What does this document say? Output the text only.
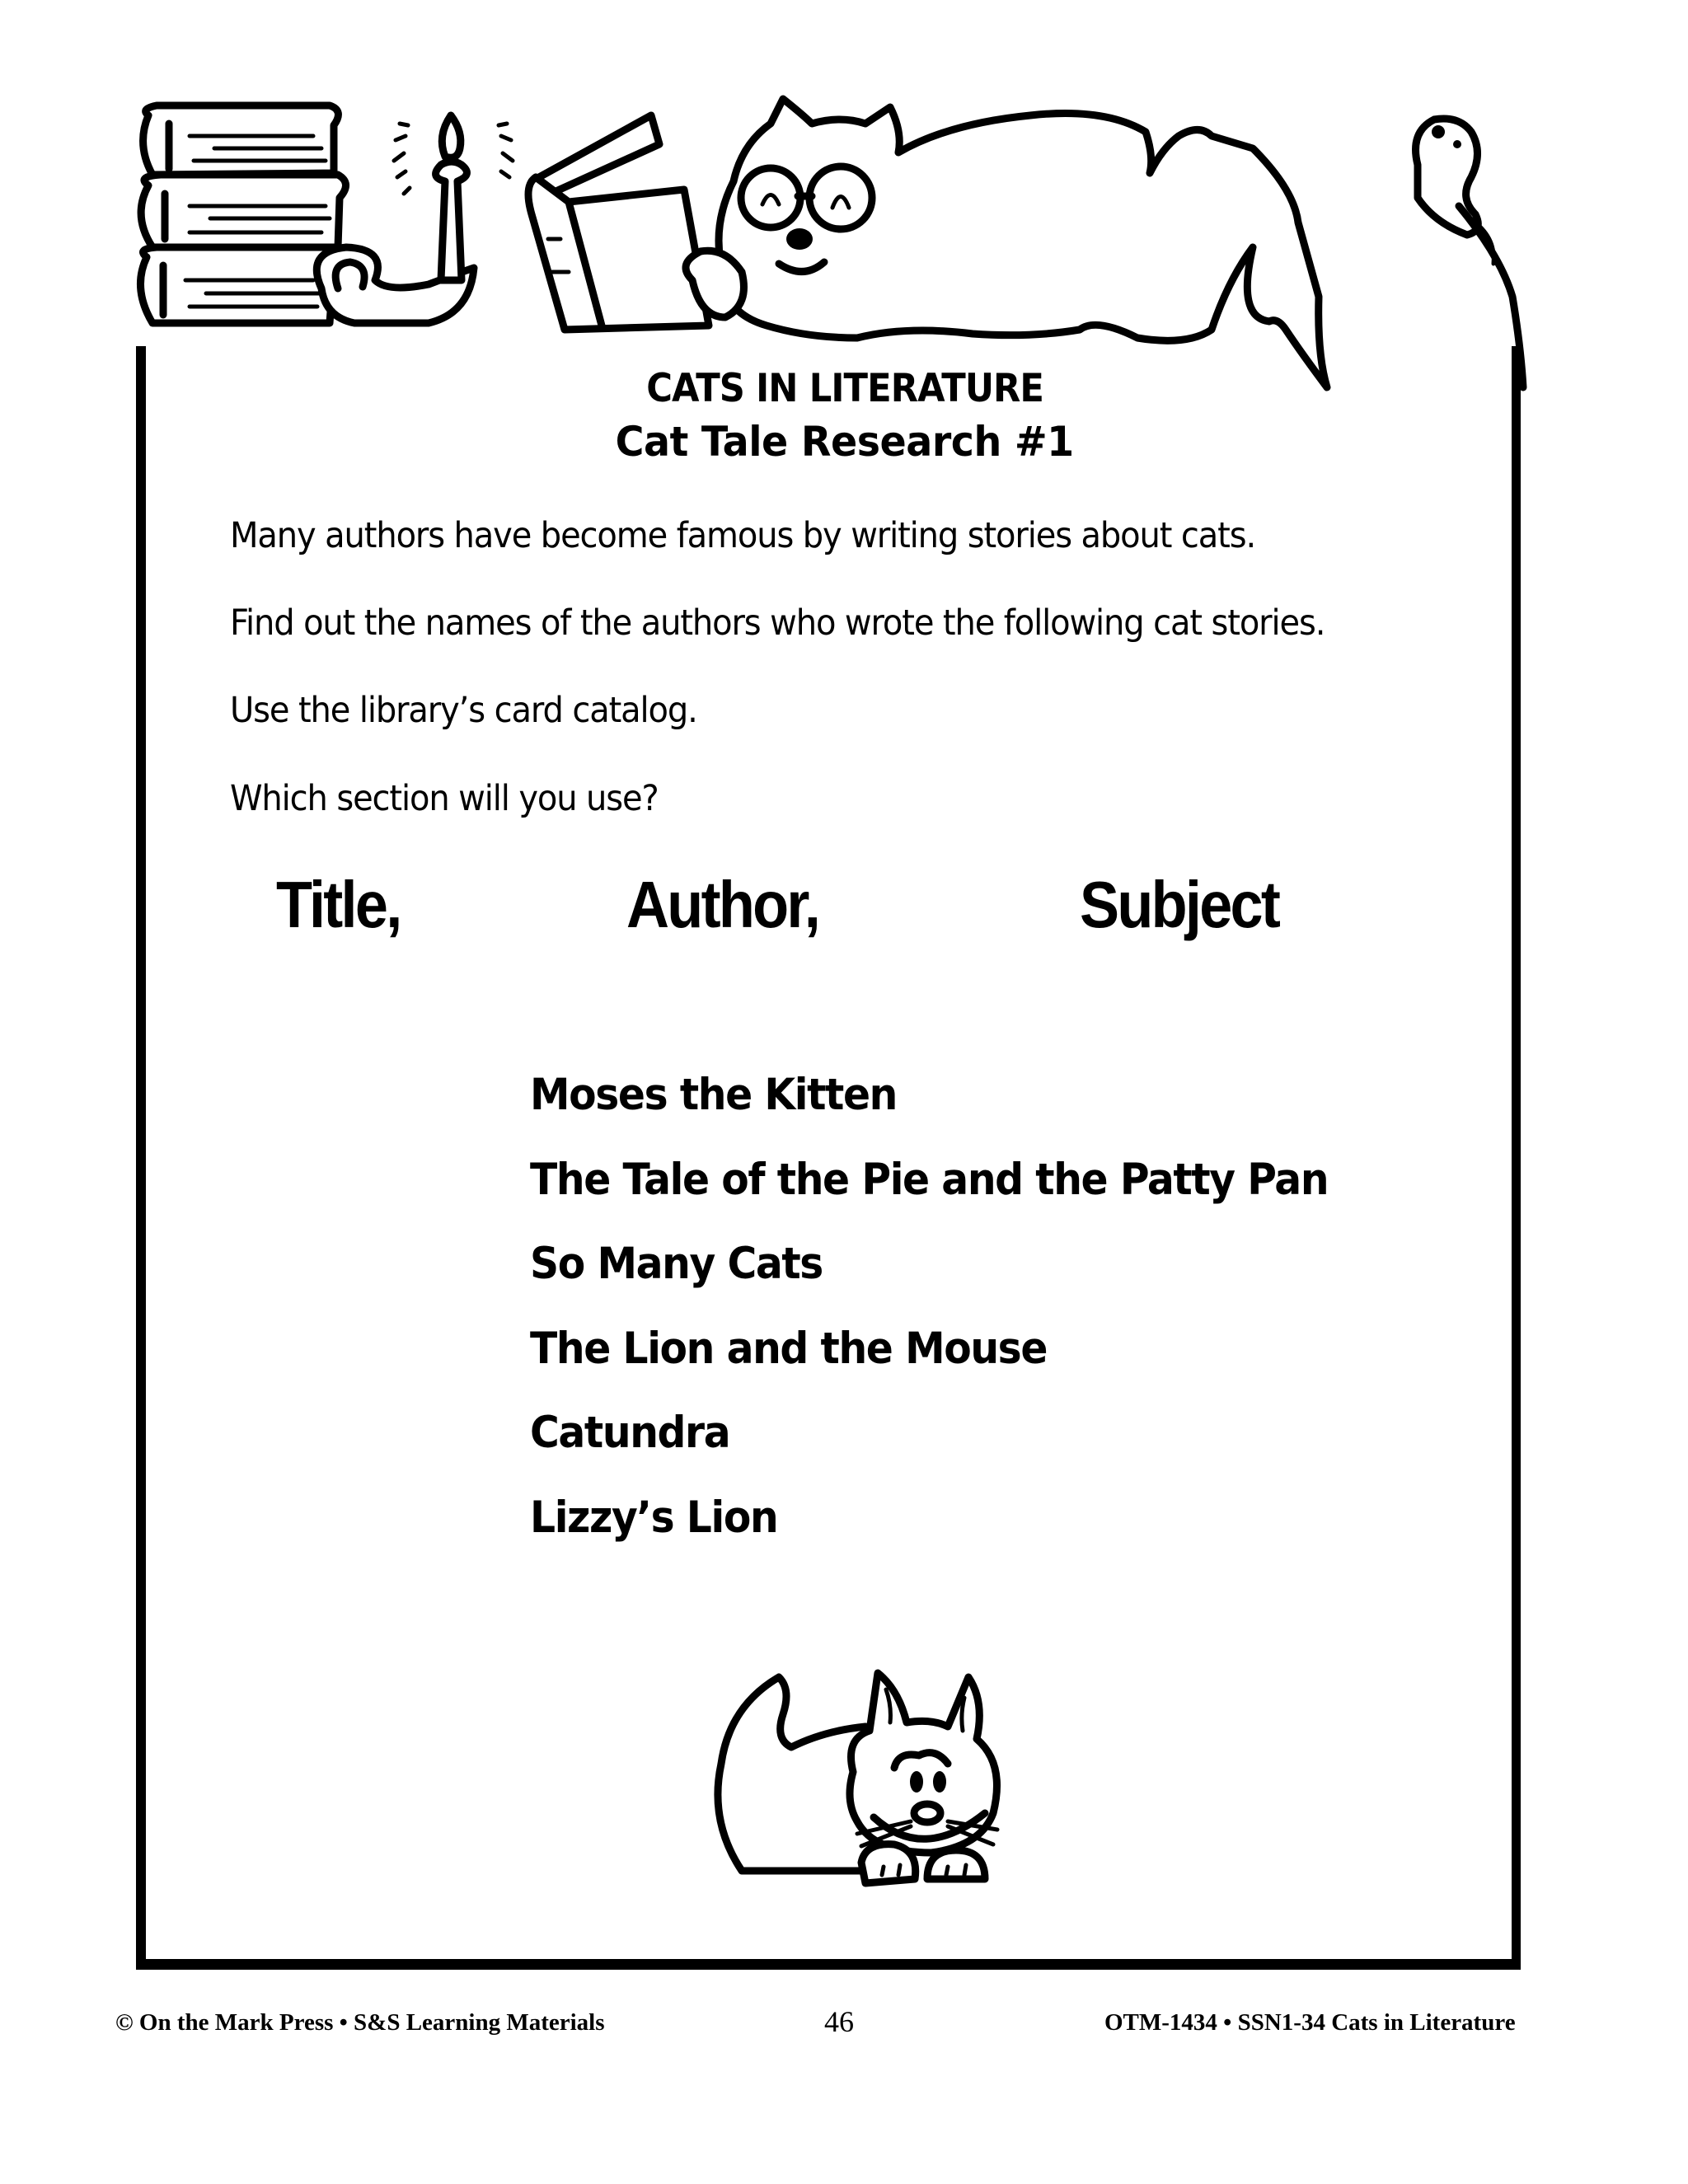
CATS IN LITERATURE
Cat Tale Research #1
Many authors have become famous by writing stories about cats.
Find out the names of the authors who wrote the following cat stories.
Use the library’s card catalog.
Which section will you use?
Title,	Author,	Subject
Moses the Kitten
The Tale of the Pie and the Patty Pan
So Many Cats
The Lion and the Mouse
Catundra
Lizzy’s Lion
© On the Mark Press • S&S Learning Materials	46	OTM-1434 • SSN1-34 Cats in Literature
